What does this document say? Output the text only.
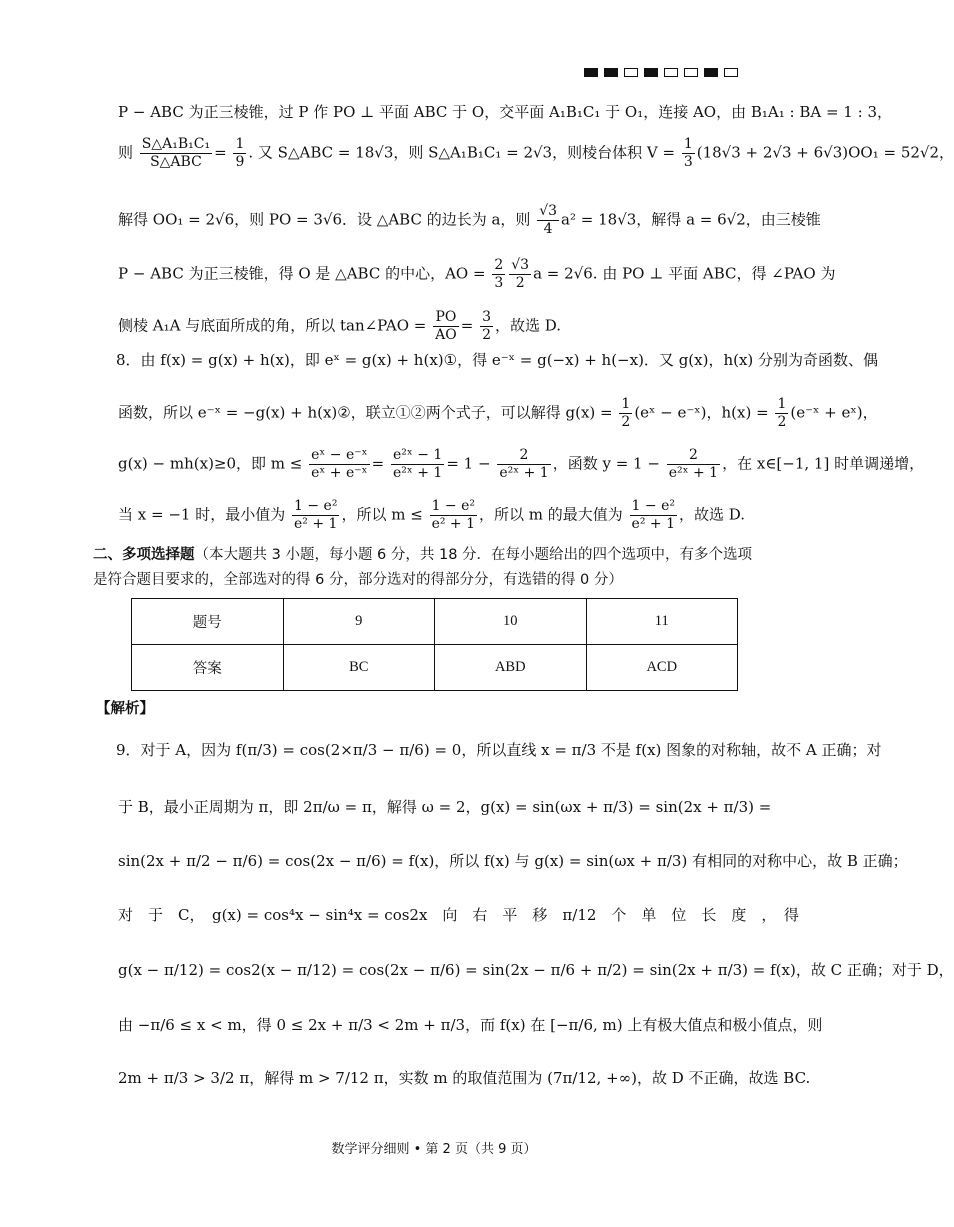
P − ABC 为正三棱锥，过 P 作 PO ⊥ 平面 ABC 于 O，交平面 A₁B₁C₁ 于 O₁，连接 AO，由 B₁A₁ : BA = 1 : 3，
则 $\frac{\text{S△A₁B₁C₁}}{\text{S△ABC}} = \frac{1}{9}$ . 又 S△ABC = 18√3，则 S△A₁B₁C₁ = 2√3，则棱台体积 $V = \frac{1}{3} (18√3 + 2√3 + 6√3)OO_1 = 52√2$，
解得 OO₁ = 2√6，则 PO = 3√6．设 △ABC 的边长为 a，则 $\frac{√3}{4} a^2 = 18√3$，解得 a = 6√2，由三棱锥
P − ABC 为正三棱锥，得 O 是 △ABC 的中心，AO = $\frac{2}{3} \frac{√3}{2}$ a = 2√6. 由 PO ⊥ 平面 ABC，得 ∠PAO 为
侧棱 A₁A 与底面所成的角，所以 tan∠PAO = $\frac{PO}{AO} = \frac{3}{2}$ ，故选 D.
8．由 f(x) = g(x) + h(x)，即 eˣ = g(x) + h(x)①，得 e⁻ˣ = g(−x) + h(−x)．又 g(x)，h(x) 分别为奇函数、偶
函数，所以 e⁻ˣ = −g(x) + h(x)②，联立①②两个式子，可以解得 $g(x) = \frac{1}{2}$ (eˣ − e⁻ˣ)，$h(x) = \frac{1}{2}$ (e⁻ˣ + eˣ)，
g(x) − mh(x)≥0，即 $m \le \frac{\text{eˣ − e⁻ˣ}}{\text{eˣ + e⁻ˣ}} = \frac{\text{e²ˣ − 1}}{\text{e²ˣ + 1}} = 1 - \frac{2}{\text{e²ˣ + 1}}$ ，函数 $y = 1 - \frac{2}{\text{e²ˣ + 1}}$ ，在 x∈[−1, 1] 时单调递增，
当 x = −1 时，最小值为 $\frac{\text{1 − e²}}{\text{e² + 1}}$ ，所以 $m \le \frac{\text{1 − e²}}{\text{e² + 1}}$ ，所以 m 的最大值为 $\frac{\text{1 − e²}}{\text{e² + 1}}$ ，故选 D.
二、多项选择题（本大题共 3 小题，每小题 6 分，共 18 分．在每小题给出的四个选项中，有多个选项
是符合题目要求的，全部选对的得 6 分，部分选对的得部分分，有选错的得 0 分）
题号	9	10	11
答案	BC	ABD	ACD
【解析】
9．对于 A，因为 f(π/3) = cos(2×π/3 − π/6) = 0，所以直线 x = π/3 不是 f(x) 图象的对称轴，故不 A 正确；对
于 B，最小正周期为 π，即 2π/ω = π，解得 ω = 2，g(x) = sin(ωx + π/3) = sin(2x + π/3) =
sin(2x + π/2 − π/6) = cos(2x − π/6) = f(x)，所以 f(x) 与 g(x) = sin(ωx + π/3) 有相同的对称中心，故 B 正确；
对　于　C，　g(x) = cos⁴x − sin⁴x = cos2x　向　右　平　移　π/12　个　单　位　长　度　，　得
g(x − π/12) = cos2(x − π/12) = cos(2x − π/6) = sin(2x − π/6 + π/2) = sin(2x + π/3) = f(x)，故 C 正确；对于 D，
由 −π/6 ≤ x < m，得 0 ≤ 2x + π/3 < 2m + π/3，而 f(x) 在 [−π/6, m) 上有极大值点和极小值点，则
2m + π/3 > 3/2 π，解得 m > 7/12 π，实数 m 的取值范围为 (7π/12, +∞)，故 D 不正确，故选 BC.
数学评分细则 • 第 2 页（共 9 页）
